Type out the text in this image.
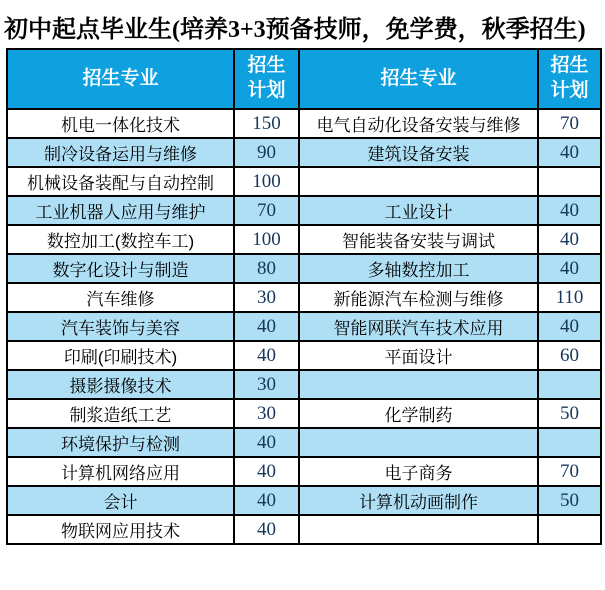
初中起点毕业生(培养3+3预备技师，免学费，秋季招生)
招生专业	招生计划	招生专业	招生计划
机电一体化技术	150	电气自动化设备安装与维修	70
制冷设备运用与维修	90	建筑设备安装	40
机械设备装配与自动控制	100		
工业机器人应用与维护	70	工业设计	40
数控加工(数控车工)	100	智能装备安装与调试	40
数字化设计与制造	80	多轴数控加工	40
汽车维修	30	新能源汽车检测与维修	110
汽车装饰与美容	40	智能网联汽车技术应用	40
印刷(印刷技术)	40	平面设计	60
摄影摄像技术	30		
制浆造纸工艺	30	化学制药	50
环境保护与检测	40		
计算机网络应用	40	电子商务	70
会计	40	计算机动画制作	50
物联网应用技术	40		
